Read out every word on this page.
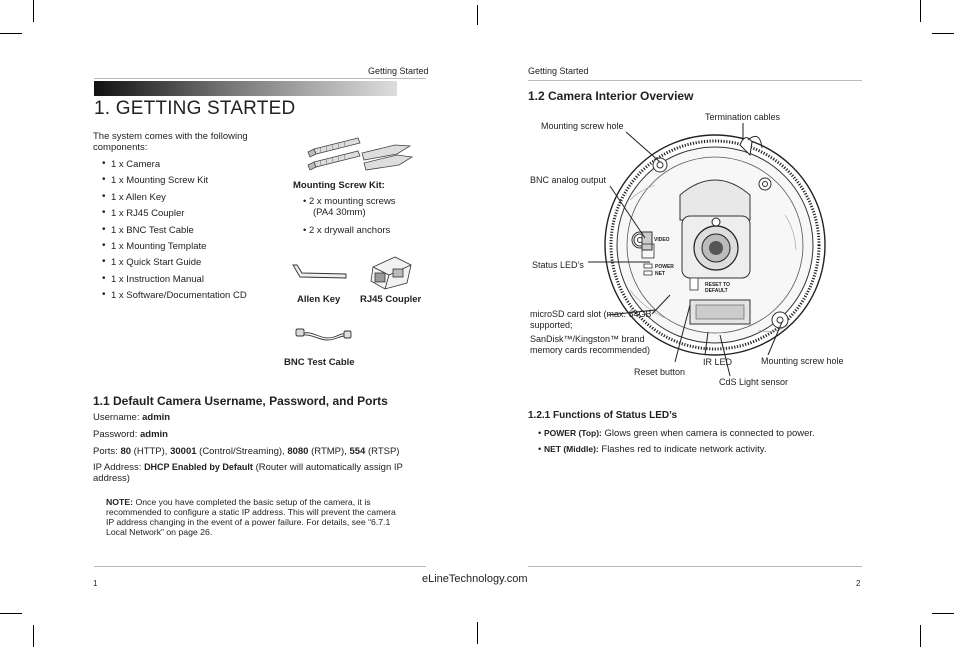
Getting Started
1. GETTING STARTED
The system comes with the following components:
• 1 x Camera
• 1 x Mounting Screw Kit
• 1 x Allen Key
• 1 x RJ45 Coupler
• 1 x BNC Test Cable
• 1 x Mounting Template
• 1 x Quick Start Guide
• 1 x Instruction Manual
• 1 x Software/Documentation CD
Mounting Screw Kit:
• 2 x mounting screws
(PA4 30mm)
• 2 x drywall anchors
Allen Key RJ45 Coupler
BNC Test Cable
1.1 Default Camera Username, Password, and Ports
Username: admin
Password: admin
Ports: 80 (HTTP), 30001 (Control/Streaming), 8080 (RTMP), 554 (RTSP)
IP Address: DHCP Enabled by Default (Router will automatically assign IP address)
NOTE: Once you have completed the basic setup of the camera, it is
recommended to configure a static IP address. This will prevent the camera
IP address changing in the event of a power failure. For details, see “6.7.1
Local Network” on page 26.
1	eLineTechnology.com
Getting Started
1.2 Camera Interior Overview
VIDEO
POWER
NET
RESET TO
DEFAULT
Termination cables
Mounting screw hole
BNC analog output
Status LED’s
microSD card slot (max. 64GB
supported;
SanDisk™/Kingston™ brand
memory cards recommended)
IR LED	Mounting screw hole
Reset button
CdS Light sensor
1.2.1 Functions of Status LED’s
• POWER (Top): Glows green when camera is connected to power.
• NET (Middle): Flashes red to indicate network activity.
2
